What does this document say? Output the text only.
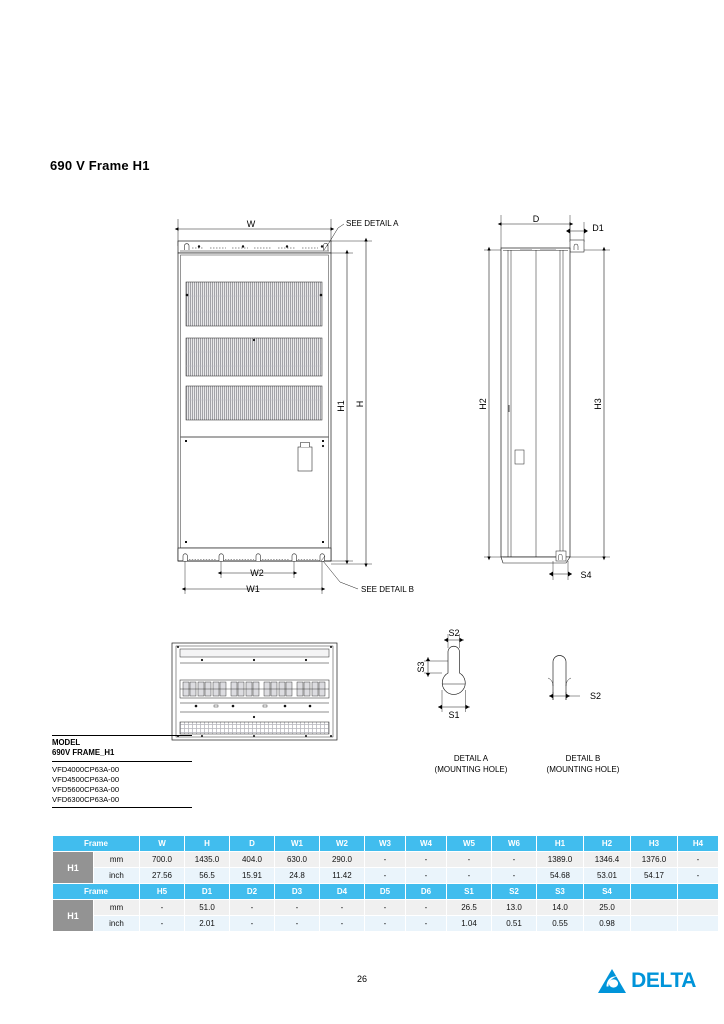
690 V Frame H1
W
W2
W1
H1 H
SEE DETAIL A
SEE DETAIL B
D
D1
H2	H3
S4
S2
S3
S1
S2
DETAIL A
(MOUNTING HOLE)
DETAIL B
(MOUNTING HOLE)
MODEL
690V FRAME_H1
VFD4000CP63A-00
VFD4500CP63A-00
VFD5600CP63A-00
VFD6300CP63A-00
Frame		W	H	D	W1	W2	W3	W4	W5	W6	H1	H2	H3	H4
H1	mm	700.0	1435.0	404.0	630.0	290.0	-	-	-	-	1389.0	1346.4	1376.0	-
	inch	27.56	56.5	15.91	24.8	11.42	-	-	-	-	54.68	53.01	54.17	-
Frame		H5	D1	D2	D3	D4	D5	D6	S1	S2	S3	S4		
H1	mm	-	51.0	-	-	-	-	-	26.5	13.0	14.0	25.0		
	inch	-	2.01	-	-	-	-	-	1.04	0.51	0.55	0.98		
26	DELTA
